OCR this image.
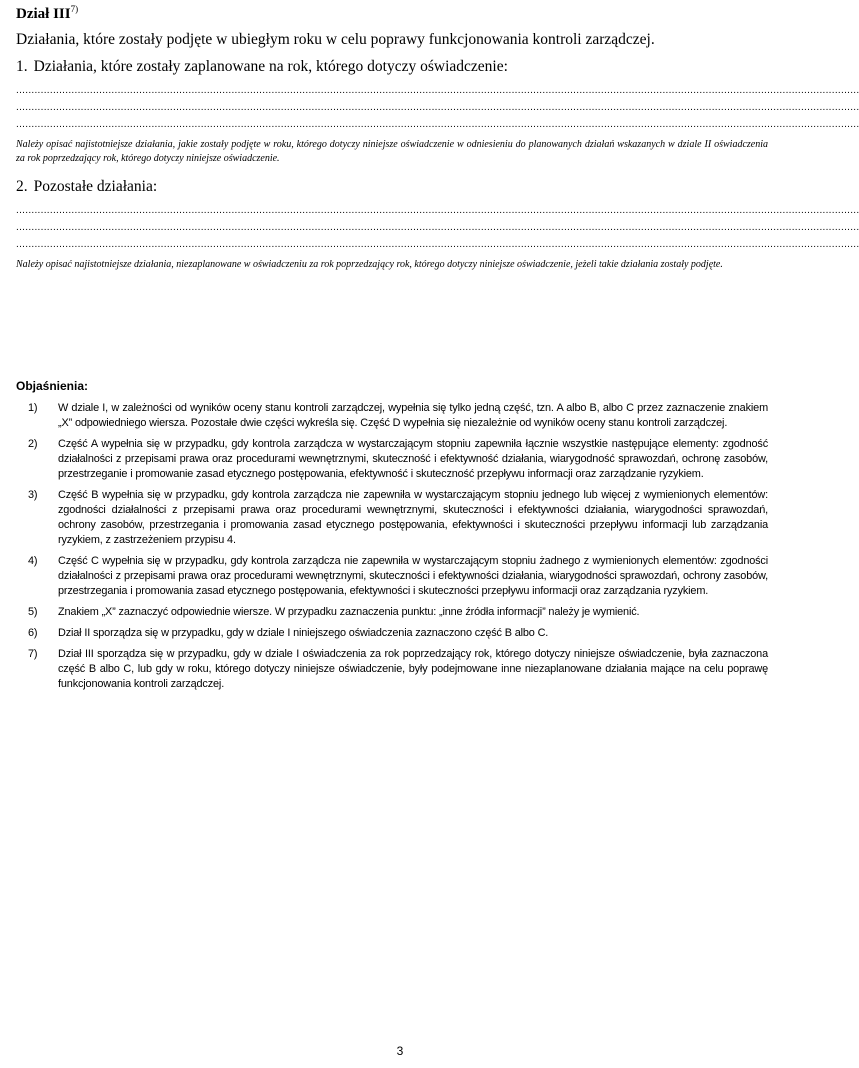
Dział III$^{7)}$
Działania, które zostały podjęte w ubiegłym roku w celu poprawy funkcjonowania kontroli zarządczej.
1. Działania, które zostały zaplanowane na rok, którego dotyczy oświadczenie:
..................................................................................................................................................................................................................................................................................
..................................................................................................................................................................................................................................................................................
..................................................................................................................................................................................................................................................................................
Należy opisać najistotniejsze działania, jakie zostały podjęte w roku, którego dotyczy niniejsze oświadczenie w odniesieniu do planowanych działań wskazanych w dziale II oświadczenia za rok poprzedzający rok, którego dotyczy niniejsze oświadczenie.
2. Pozostałe działania:
..................................................................................................................................................................................................................................................................................
..................................................................................................................................................................................................................................................................................
..................................................................................................................................................................................................................................................................................
Należy opisać najistotniejsze działania, niezaplanowane w oświadczeniu za rok poprzedzający rok, którego dotyczy niniejsze oświadczenie, jeżeli takie działania zostały podjęte.
Objaśnienia:
1)	W dziale I, w zależności od wyników oceny stanu kontroli zarządczej, wypełnia się tylko jedną część, tzn. A albo B, albo C przez zaznaczenie znakiem „X” odpowiedniego wiersza. Pozostałe dwie części wykreśla się. Część D wypełnia się niezależnie od wyników oceny stanu kontroli zarządczej.
2)	Część A wypełnia się w przypadku, gdy kontrola zarządcza w wystarczającym stopniu zapewniła łącznie wszystkie następujące elementy: zgodność działalności z przepisami prawa oraz procedurami wewnętrznymi, skuteczność i efektywność działania, wiarygodność sprawozdań, ochronę zasobów, przestrzeganie i promowanie zasad etycznego postępowania, efektywność i skuteczność przepływu informacji oraz zarządzanie ryzykiem.
3)	Część B wypełnia się w przypadku, gdy kontrola zarządcza nie zapewniła w wystarczającym stopniu jednego lub więcej z wymienionych elementów: zgodności działalności z przepisami prawa oraz procedurami wewnętrznymi, skuteczności i efektywności działania, wiarygodności sprawozdań, ochrony zasobów, przestrzegania i promowania zasad etycznego postępowania, efektywności i skuteczności przepływu informacji lub zarządzania ryzykiem, z zastrzeżeniem przypisu 4.
4)	Część C wypełnia się w przypadku, gdy kontrola zarządcza nie zapewniła w wystarczającym stopniu żadnego z wymienionych elementów: zgodności działalności z przepisami prawa oraz procedurami wewnętrznymi, skuteczności i efektywności działania, wiarygodności sprawozdań, ochrony zasobów, przestrzegania i promowania zasad etycznego postępowania, efektywności i skuteczności przepływu informacji oraz zarządzania ryzykiem.
5)	Znakiem „X” zaznaczyć odpowiednie wiersze. W przypadku zaznaczenia punktu: „inne źródła informacji” należy je wymienić.
6)	Dział II sporządza się w przypadku, gdy w dziale I niniejszego oświadczenia zaznaczono część B albo C.
7)	Dział III sporządza się w przypadku, gdy w dziale I oświadczenia za rok poprzedzający rok, którego dotyczy niniejsze oświadczenie, była zaznaczona część B albo C, lub gdy w roku, którego dotyczy niniejsze oświadczenie, były podejmowane inne niezaplanowane działania mające na celu poprawę funkcjonowania kontroli zarządczej.
3
